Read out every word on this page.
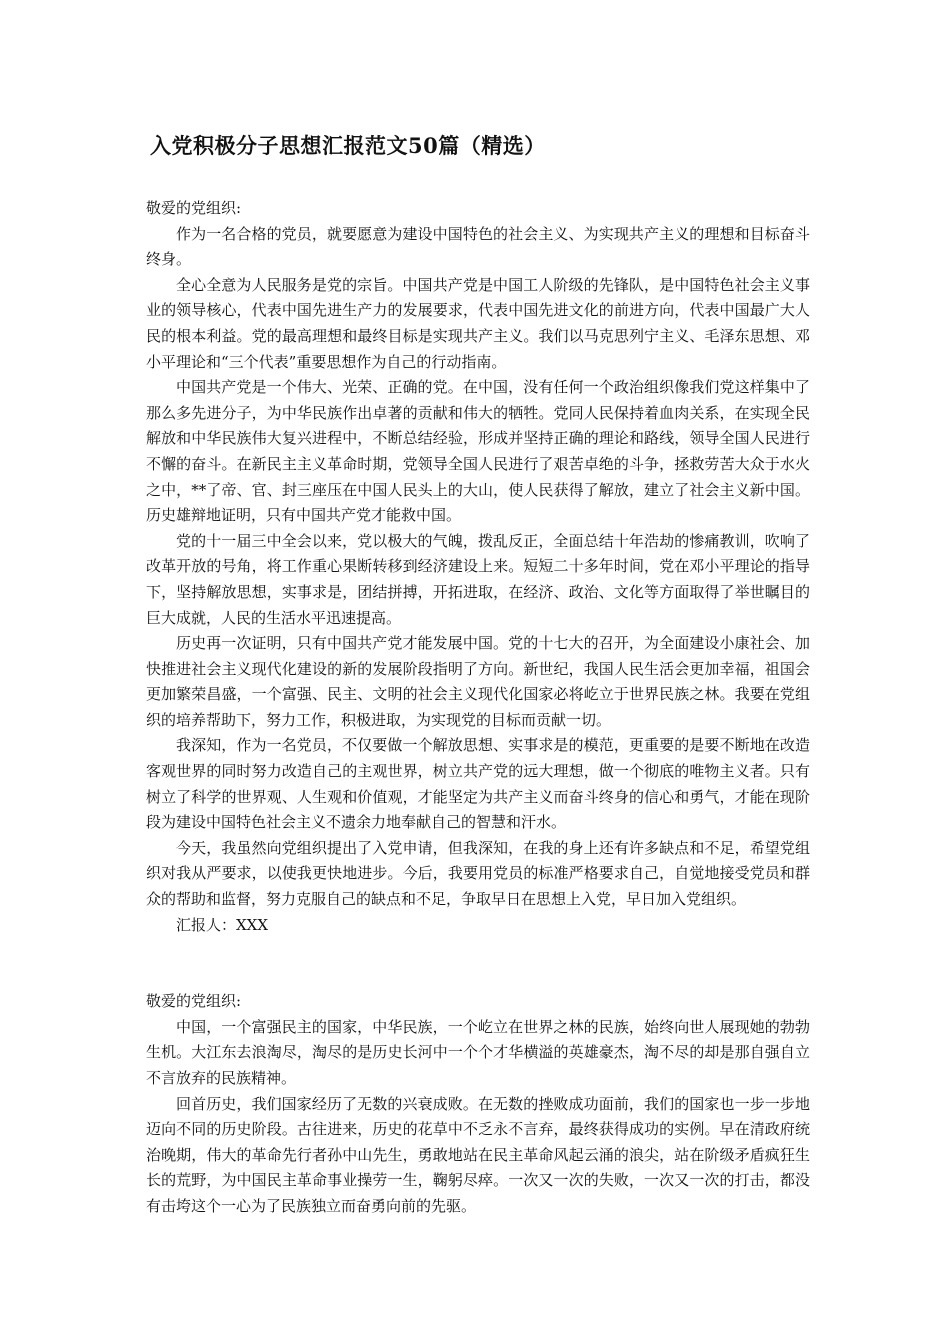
入党积极分子思想汇报范文50篇（精选）

敬爱的党组织:

作为一名合格的党员，就要愿意为建设中国特色的社会主义、为实现共产主义的理想和目标奋斗终身。

全心全意为人民服务是党的宗旨。中国共产党是中国工人阶级的先锋队，是中国特色社会主义事业的领导核心，代表中国先进生产力的发展要求，代表中国先进文化的前进方向，代表中国最广大人民的根本利益。党的最高理想和最终目标是实现共产主义。我们以马克思列宁主义、毛泽东思想、邓小平理论和“三个代表”重要思想作为自己的行动指南。

中国共产党是一个伟大、光荣、正确的党。在中国，没有任何一个政治组织像我们党这样集中了那么多先进分子，为中华民族作出卓著的贡献和伟大的牺牲。党同人民保持着血肉关系，在实现全民解放和中华民族伟大复兴进程中，不断总结经验，形成并坚持正确的理论和路线，领导全国人民进行不懈的奋斗。在新民主主义革命时期，党领导全国人民进行了艰苦卓绝的斗争，拯救劳苦大众于水火之中，**了帝、官、封三座压在中国人民头上的大山，使人民获得了解放，建立了社会主义新中国。历史雄辩地证明，只有中国共产党才能救中国。

党的十一届三中全会以来，党以极大的气魄，拨乱反正，全面总结十年浩劫的惨痛教训，吹响了改革开放的号角，将工作重心果断转移到经济建设上来。短短二十多年时间，党在邓小平理论的指导下，坚持解放思想，实事求是，团结拼搏，开拓进取，在经济、政治、文化等方面取得了举世瞩目的巨大成就，人民的生活水平迅速提高。

历史再一次证明，只有中国共产党才能发展中国。党的十七大的召开，为全面建设小康社会、加快推进社会主义现代化建设的新的发展阶段指明了方向。新世纪，我国人民生活会更加幸福，祖国会更加繁荣昌盛，一个富强、民主、文明的社会主义现代化国家必将屹立于世界民族之林。我要在党组织的培养帮助下，努力工作，积极进取，为实现党的目标而贡献一切。

我深知，作为一名党员，不仅要做一个解放思想、实事求是的模范，更重要的是要不断地在改造客观世界的同时努力改造自己的主观世界，树立共产党的远大理想，做一个彻底的唯物主义者。只有树立了科学的世界观、人生观和价值观，才能坚定为共产主义而奋斗终身的信心和勇气，才能在现阶段为建设中国特色社会主义不遗余力地奉献自己的智慧和汗水。

今天，我虽然向党组织提出了入党申请，但我深知，在我的身上还有许多缺点和不足，希望党组织对我从严要求，以使我更快地进步。今后，我要用党员的标准严格要求自己，自觉地接受党员和群众的帮助和监督，努力克服自己的缺点和不足，争取早日在思想上入党，早日加入党组织。

汇报人：XXX

敬爱的党组织:

中国，一个富强民主的国家，中华民族，一个屹立在世界之林的民族，始终向世人展现她的勃勃生机。大江东去浪淘尽，淘尽的是历史长河中一个个才华横溢的英雄豪杰，淘不尽的却是那自强自立不言放弃的民族精神。

回首历史，我们国家经历了无数的兴衰成败。在无数的挫败成功面前，我们的国家也一步一步地迈向不同的历史阶段。古往进来，历史的花草中不乏永不言弃，最终获得成功的实例。早在清政府统治晚期，伟大的革命先行者孙中山先生，勇敢地站在民主革命风起云涌的浪尖，站在阶级矛盾疯狂生长的荒野，为中国民主革命事业操劳一生，鞠躬尽瘁。一次又一次的失败，一次又一次的打击，都没有击垮这个一心为了民族独立而奋勇向前的先驱。
